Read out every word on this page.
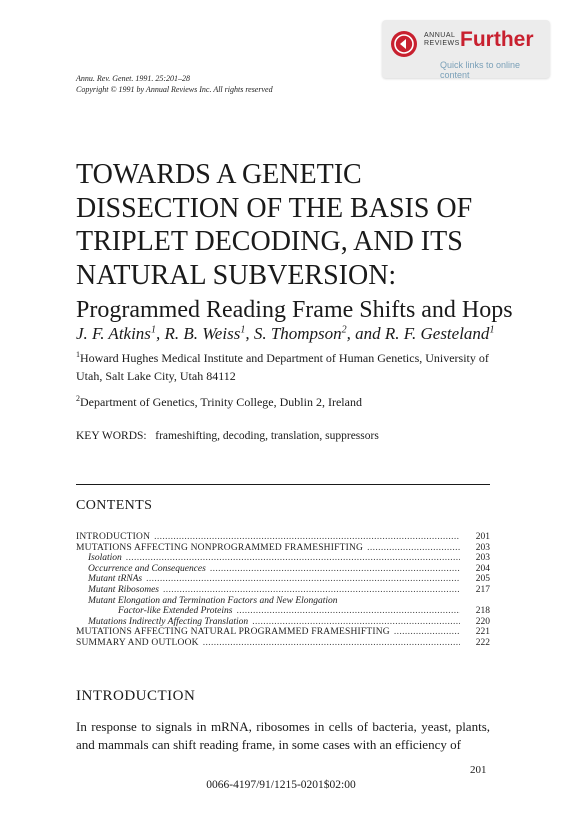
ANNUAL
REVIEWS Further
Quick links to online content
Annu. Rev. Genet. 1991. 25:201–28
Copyright © 1991 by Annual Reviews Inc. All rights reserved
TOWARDS A GENETIC DISSECTION OF THE BASIS OF TRIPLET DECODING, AND ITS NATURAL SUBVERSION: Programmed Reading Frame Shifts and Hops
J. F. Atkins$^1$, R. B. Weiss$^1$, S. Thompson$^2$, and R. F. Gesteland$^1$
$^1$Howard Hughes Medical Institute and Department of Human Genetics, University of Utah, Salt Lake City, Utah 84112
$^2$Department of Genetics, Trinity College, Dublin 2, Ireland
KEY WORDS: frameshifting, decoding, translation, suppressors
CONTENTS
INTRODUCTION . . .	201
MUTATIONS AFFECTING NONPROGRAMMED FRAMESHIFTING . . .	203
Isolation . . .	203
Occurrence and Consequences . . .	204
Mutant tRNAs . . .	205
Mutant Ribosomes . . .	217
Mutant Elongation and Termination Factors and New Elongation
Factor-like Extended Proteins . . .	218
Mutations Indirectly Affecting Translation . . .	220
MUTATIONS AFFECTING NATURAL PROGRAMMED FRAMESHIFTING . . .	221
SUMMARY AND OUTLOOK . . .	222
INTRODUCTION
In response to signals in mRNA, ribosomes in cells of bacteria, yeast, plants, and mammals can shift reading frame, in some cases with an efficiency of
201
0066-4197/91/1215-0201$02:00
